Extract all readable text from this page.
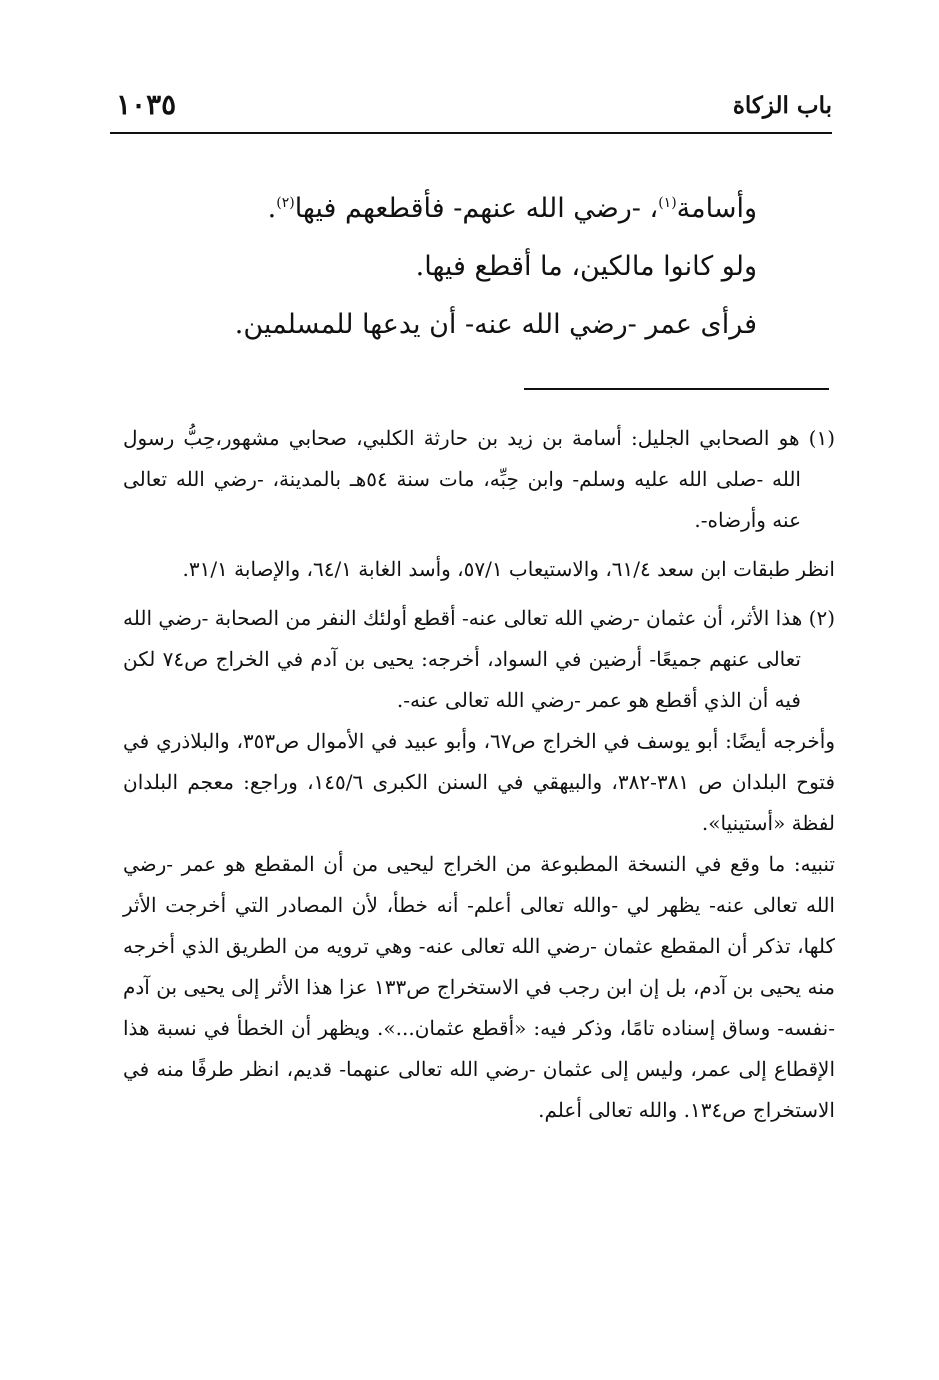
باب الزكاة
١٠٣٥

وأسامة$^{(١)}$، -رضي الله عنهم- فأقطعهم فيها$^{(٢)}$.

ولو كانوا مالكين، ما أقطع فيها.

فرأى عمر -رضي الله عنه- أن يدعها للمسلمين.

(١) هو الصحابي الجليل: أسامة بن زيد بن حارثة الكلبي، صحابي مشهور،حِبُّ رسول الله -صلى الله عليه وسلم- وابن حِبِّه، مات سنة ٥٤هـ بالمدينة، -رضي الله تعالى عنه وأرضاه-.

انظر طبقات ابن سعد ٦١/٤، والاستيعاب ٥٧/١، وأسد الغابة ٦٤/١، والإصابة ٣١/١.

(٢) هذا الأثر، أن عثمان -رضي الله تعالى عنه- أقطع أولئك النفر من الصحابة -رضي الله تعالى عنهم جميعًا- أرضين في السواد، أخرجه: يحيى بن آدم في الخراج ص٧٤ لكن فيه أن الذي أقطع هو عمر -رضي الله تعالى عنه-.

وأخرجه أيضًا: أبو يوسف في الخراج ص٦٧، وأبو عبيد في الأموال ص٣٥٣، والبلاذري في فتوح البلدان ص ٣٨١-٣٨٢، والبيهقي في السنن الكبرى ١٤٥/٦، وراجع: معجم البلدان لفظة «أستينيا».

تنبيه: ما وقع في النسخة المطبوعة من الخراج ليحيى من أن المقطع هو عمر -رضي الله تعالى عنه- يظهر لي -والله تعالى أعلم- أنه خطأ، لأن المصادر التي أخرجت الأثر كلها، تذكر أن المقطع عثمان -رضي الله تعالى عنه- وهي ترويه من الطريق الذي أخرجه منه يحيى بن آدم، بل إن ابن رجب في الاستخراج ص١٣٣ عزا هذا الأثر إلى يحيى بن آدم -نفسه- وساق إسناده تامًا، وذكر فيه: «أقطع عثمان...». ويظهر أن الخطأ في نسبة هذا الإقطاع إلى عمر، وليس إلى عثمان -رضي الله تعالى عنهما- قديم، انظر طرفًا منه في الاستخراج ص١٣٤. والله تعالى أعلم.
